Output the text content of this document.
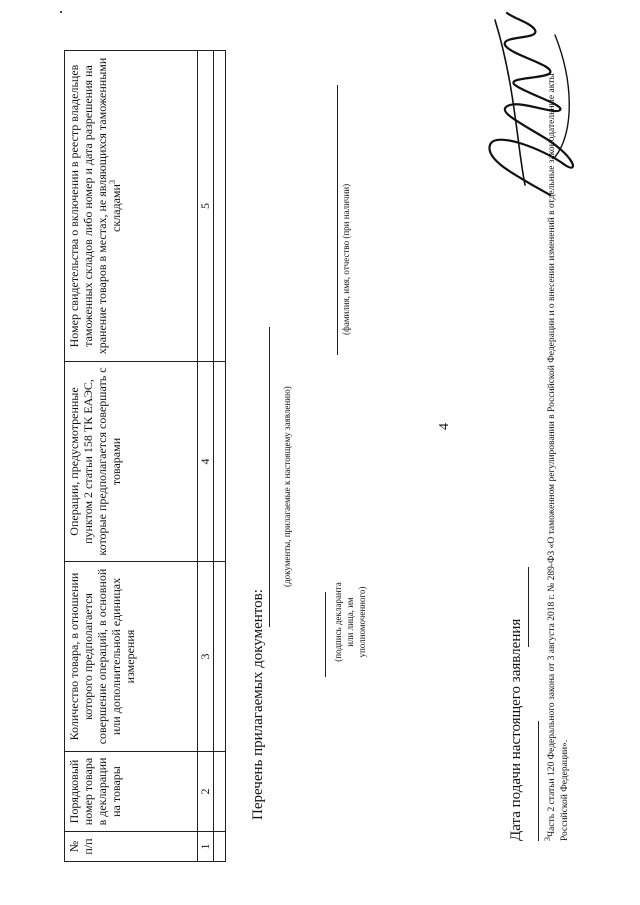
4
№ п/п	Порядковый номер товара в декларации на товары	Количество товара, в отношении которого предполагается совершение операций, в основной или дополнительной единицах измерения	Операции, предусмотренные пунктом 2 статьи 158 ТК ЕАЭС, которые предполагается совершать с товарами	Номер свидетельства о включении в реестр владельцев таможенных складов либо номер и дата разрешения на хранение товаров в местах, не являющихся таможенными складами$^3$
1	2	3	4	5

Перечень прилагаемых документов:
(документы, прилагаемые к настоящему заявлению)
(подпись декларанта или лица, им уполномоченного)
(фамилия, имя, отчество (при наличии)
Дата подачи настоящего заявления $^3$Часть 2 статьи 120 Федерального закона от 3 августа 2018 г. № 289-ФЗ «О таможенном регулировании в Российской Федерации и о внесении изменений в отдельные законодательные акты Российской Федерации».
